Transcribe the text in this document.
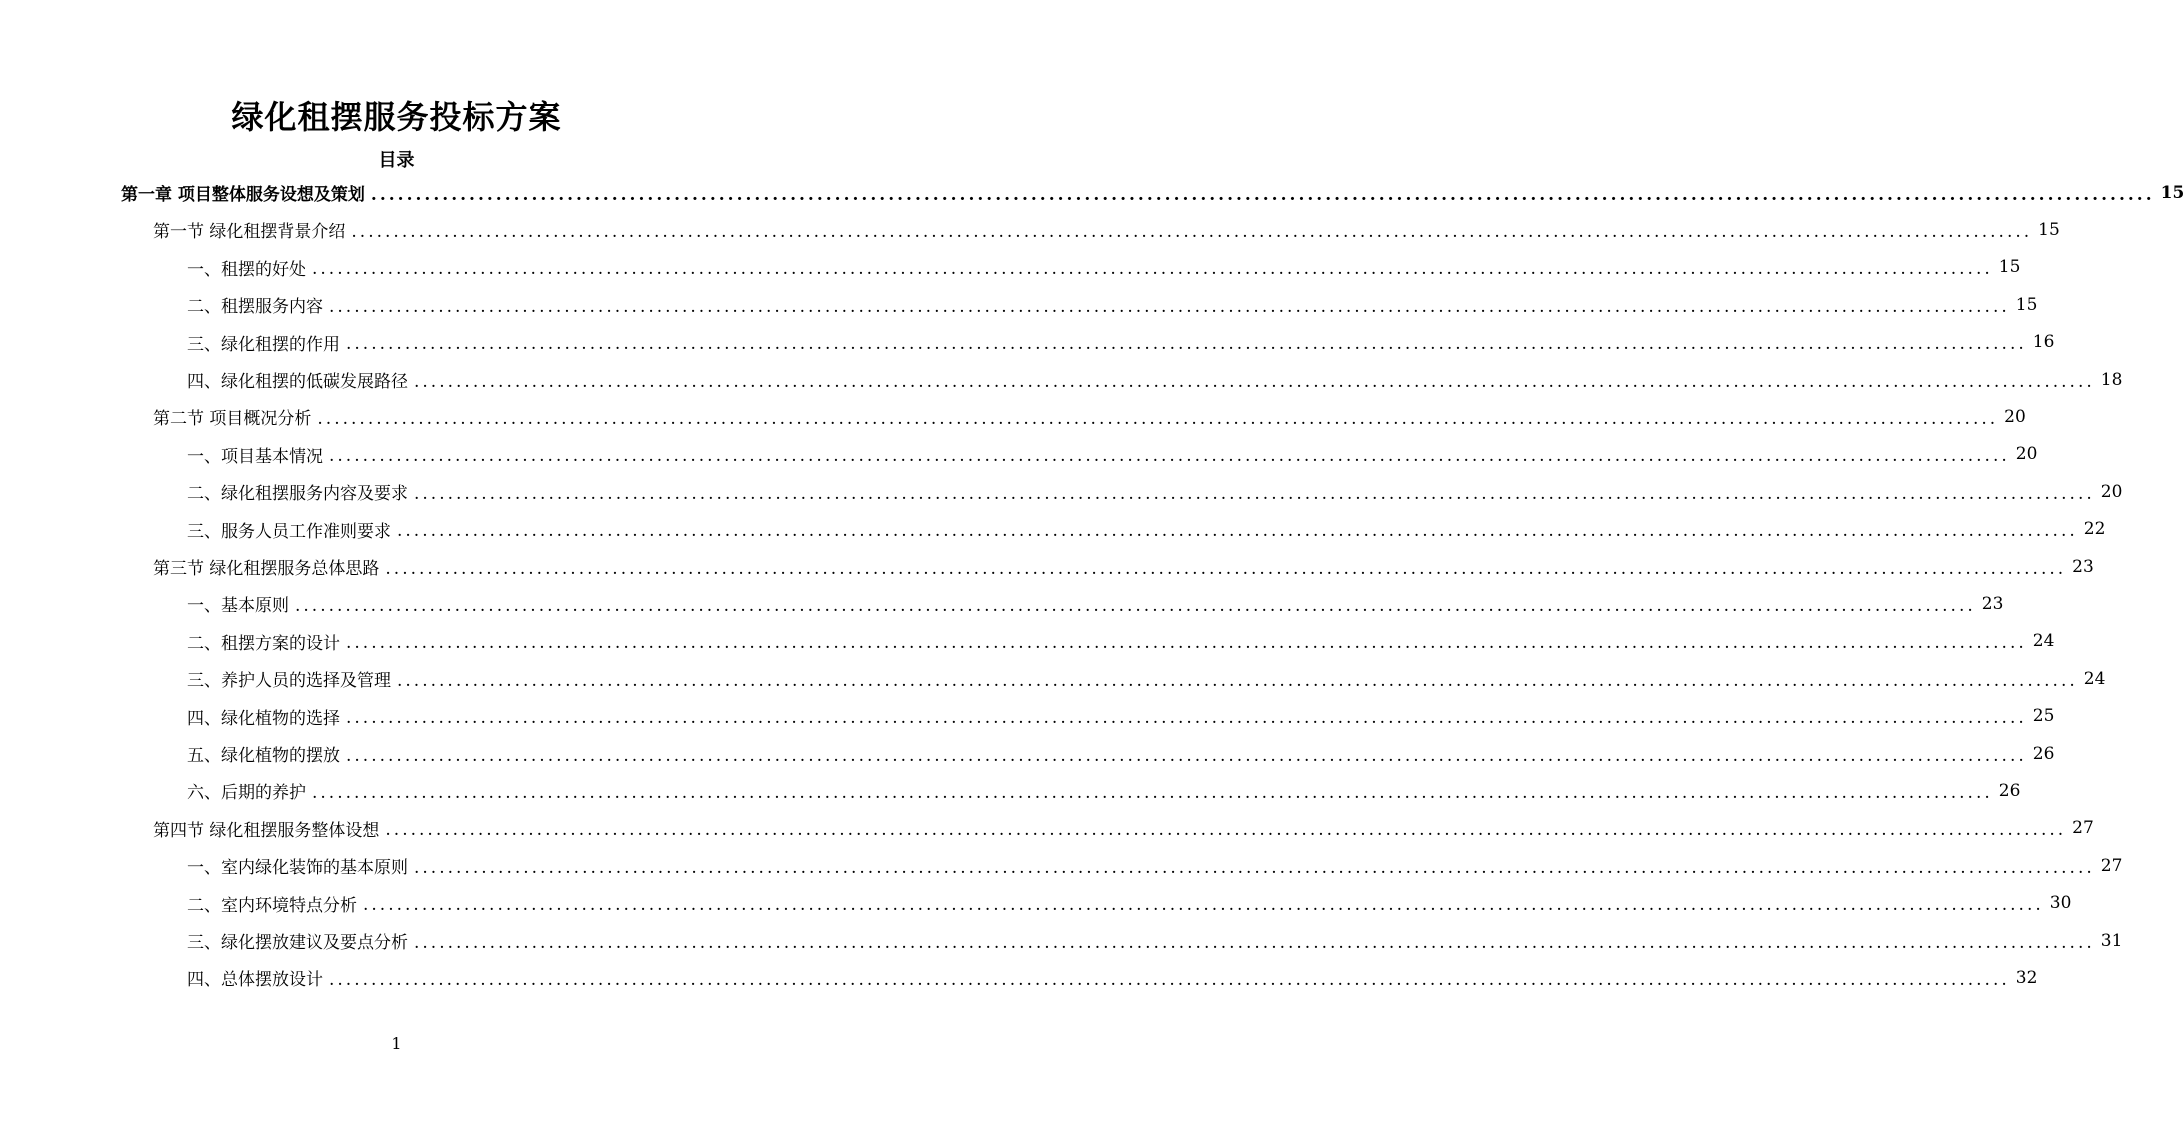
绿化租摆服务投标方案
目录
第一章 项目整体服务设想及策划 ........................................................................................................................................................................................................ 15
第一节 绿化租摆背景介绍 ........................................................................................................................................................................................................ 15
一、租摆的好处 ........................................................................................................................................................................................................ 15
二、租摆服务内容 ........................................................................................................................................................................................................ 15
三、绿化租摆的作用 ........................................................................................................................................................................................................ 16
四、绿化租摆的低碳发展路径 ........................................................................................................................................................................................................ 18
第二节 项目概况分析 ........................................................................................................................................................................................................ 20
一、项目基本情况 ........................................................................................................................................................................................................ 20
二、绿化租摆服务内容及要求 ........................................................................................................................................................................................................ 20
三、服务人员工作准则要求 ........................................................................................................................................................................................................ 22
第三节 绿化租摆服务总体思路 ........................................................................................................................................................................................................ 23
一、基本原则 ........................................................................................................................................................................................................ 23
二、租摆方案的设计 ........................................................................................................................................................................................................ 24
三、养护人员的选择及管理 ........................................................................................................................................................................................................ 24
四、绿化植物的选择 ........................................................................................................................................................................................................ 25
五、绿化植物的摆放 ........................................................................................................................................................................................................ 26
六、后期的养护 ........................................................................................................................................................................................................ 26
第四节 绿化租摆服务整体设想 ........................................................................................................................................................................................................ 27
一、室内绿化装饰的基本原则 ........................................................................................................................................................................................................ 27
二、室内环境特点分析 ........................................................................................................................................................................................................ 30
三、绿化摆放建议及要点分析 ........................................................................................................................................................................................................ 31
四、总体摆放设计 ........................................................................................................................................................................................................ 32
1
